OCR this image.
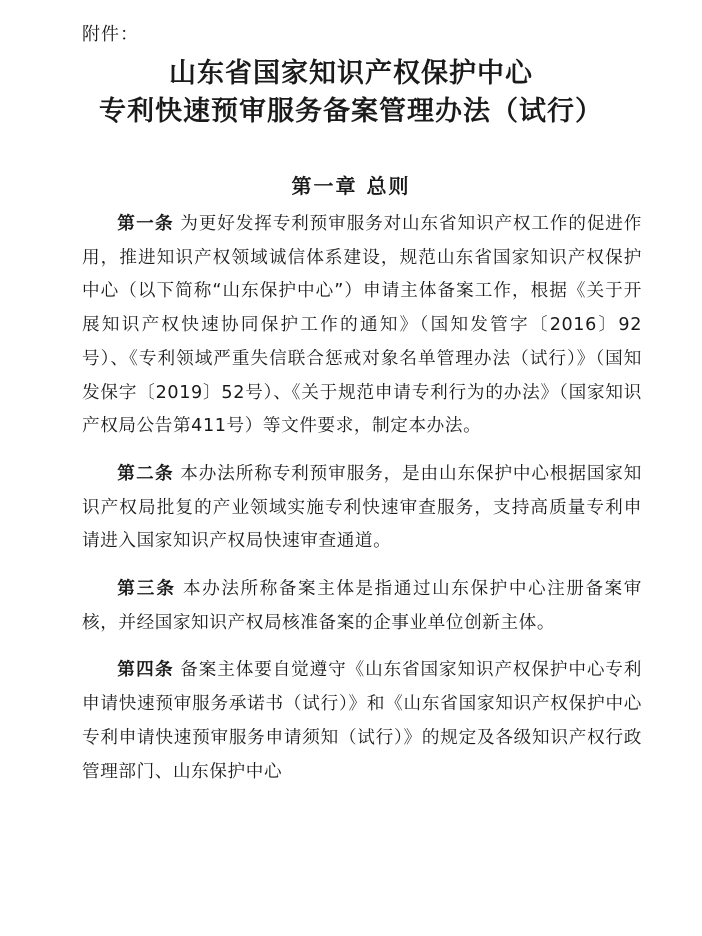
附件：
山东省国家知识产权保护中心
专利快速预审服务备案管理办法（试行）
第一章 总则

第一条 为更好发挥专利预审服务对山东省知识产权工作的促进作用，推进知识产权领域诚信体系建设，规范山东省国家知识产权保护中心（以下简称“山东保护中心”）申请主体备案工作，根据《关于开展知识产权快速协同保护工作的通知》（国知发管字〔2016〕92号）、《专利领域严重失信联合惩戒对象名单管理办法（试行）》（国知发保字〔2019〕52号）、《关于规范申请专利行为的办法》（国家知识产权局公告第411号）等文件要求，制定本办法。

第二条 本办法所称专利预审服务，是由山东保护中心根据国家知识产权局批复的产业领域实施专利快速审查服务，支持高质量专利申请进入国家知识产权局快速审查通道。

第三条 本办法所称备案主体是指通过山东保护中心注册备案审核，并经国家知识产权局核准备案的企事业单位创新主体。

第四条 备案主体要自觉遵守《山东省国家知识产权保护中心专利申请快速预审服务承诺书（试行）》和《山东省国家知识产权保护中心专利申请快速预审服务申请须知（试行）》的规定及各级知识产权行政管理部门、山东保护中心
